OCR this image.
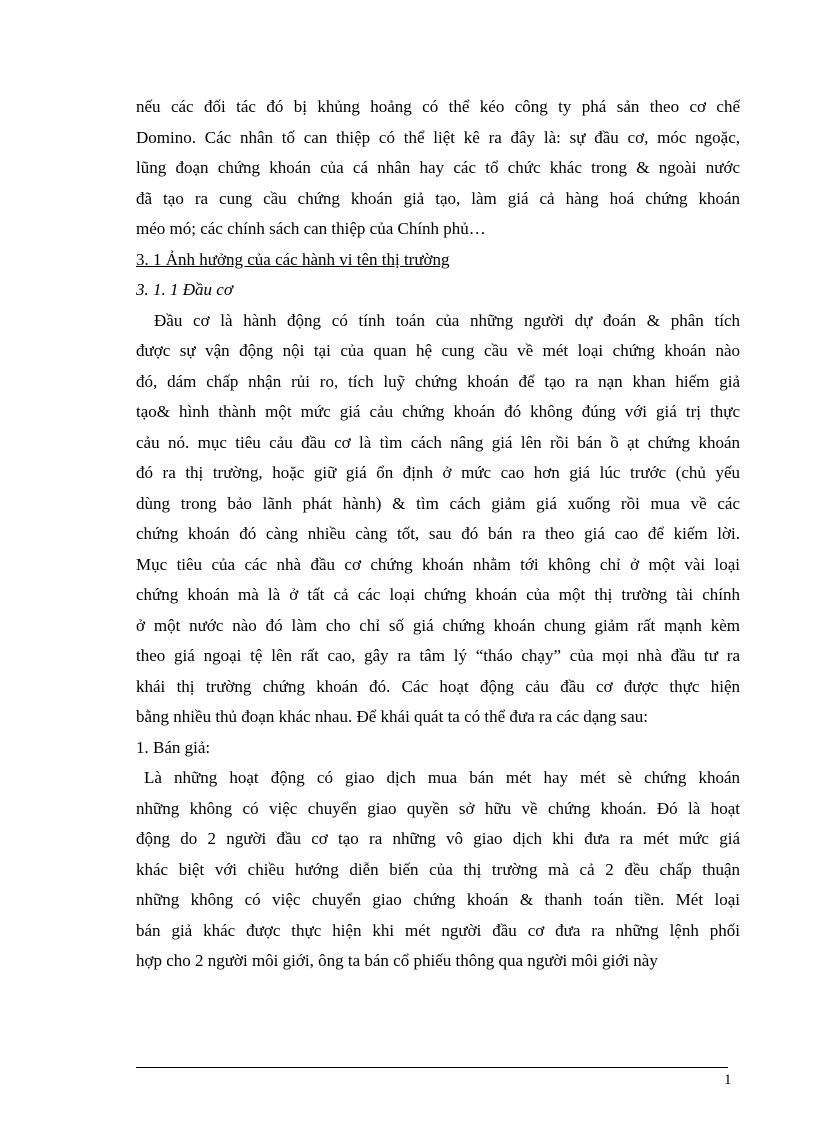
nếu các đối tác đó bị khủng hoảng có thể kéo công ty phá sản theo cơ chế
Domino. Các nhân tố can thiệp có thể liệt kê ra đây là: sự đầu cơ, móc ngoặc,
lũng đoạn chứng khoán của cá nhân hay các tổ chức khác trong & ngoài nước
đã tạo ra cung cầu chứng khoán giả tạo, làm giá cả hàng hoá chứng khoán
méo mó; các chính sách can thiệp của Chính phủ…
3. 1 Ảnh hưởng của các hành vi tên thị trường
3. 1. 1 Đầu cơ
Đầu cơ là hành động có tính toán của những người dự đoán & phân tích
được sự vận động nội tại của quan hệ cung cầu về mét loại chứng khoán nào
đó, dám chấp nhận rủi ro, tích luỹ chứng khoán để tạo ra nạn khan hiếm giả
tạo& hình thành một mức giá cảu chứng khoán đó không đúng với giá trị thực
cảu nó. mục tiêu cảu đầu cơ là tìm cách nâng giá lên rồi bán ồ ạt chứng khoán
đó ra thị trường, hoặc giữ giá ổn định ở mức cao hơn giá lúc trước (chủ yếu
dùng trong bảo lãnh phát hành) & tìm cách giảm giá xuống rồi mua về các
chứng khoán đó càng nhiều càng tốt, sau đó bán ra theo giá cao để kiếm lời.
Mục tiêu của các nhà đầu cơ chứng khoán nhằm tới không chỉ ở một vài loại
chứng khoán mà là ở tất cả các loại chứng khoán của một thị trường tài chính
ở một nước nào đó làm cho chỉ số giá chứng khoán chung giảm rất mạnh kèm
theo giá ngoại tệ lên rất cao, gây ra tâm lý “tháo chạy” của mọi nhà đầu tư ra
khái thị trường chứng khoán đó. Các hoạt động cảu đầu cơ được thực hiện
bằng nhiều thủ đoạn khác nhau. Để khái quát ta có thể đưa ra các dạng sau:
1. Bán giả:
Là những hoạt động có giao dịch mua bán mét hay mét sè chứng khoán
những không có việc chuyển giao quyền sở hữu về chứng khoán. Đó là hoạt
động do 2 người đầu cơ tạo ra những vô giao dịch khi đưa ra mét mức giá
khác biệt với chiều hướng diễn biến của thị trường mà cả 2 đều chấp thuận
những không có việc chuyển giao chứng khoán & thanh toán tiền. Mét loại
bán giả khác được thực hiện khi mét người đầu cơ đưa ra những lệnh phối
hợp cho 2 người môi giới, ông ta bán cổ phiếu thông qua người môi giới này
1
